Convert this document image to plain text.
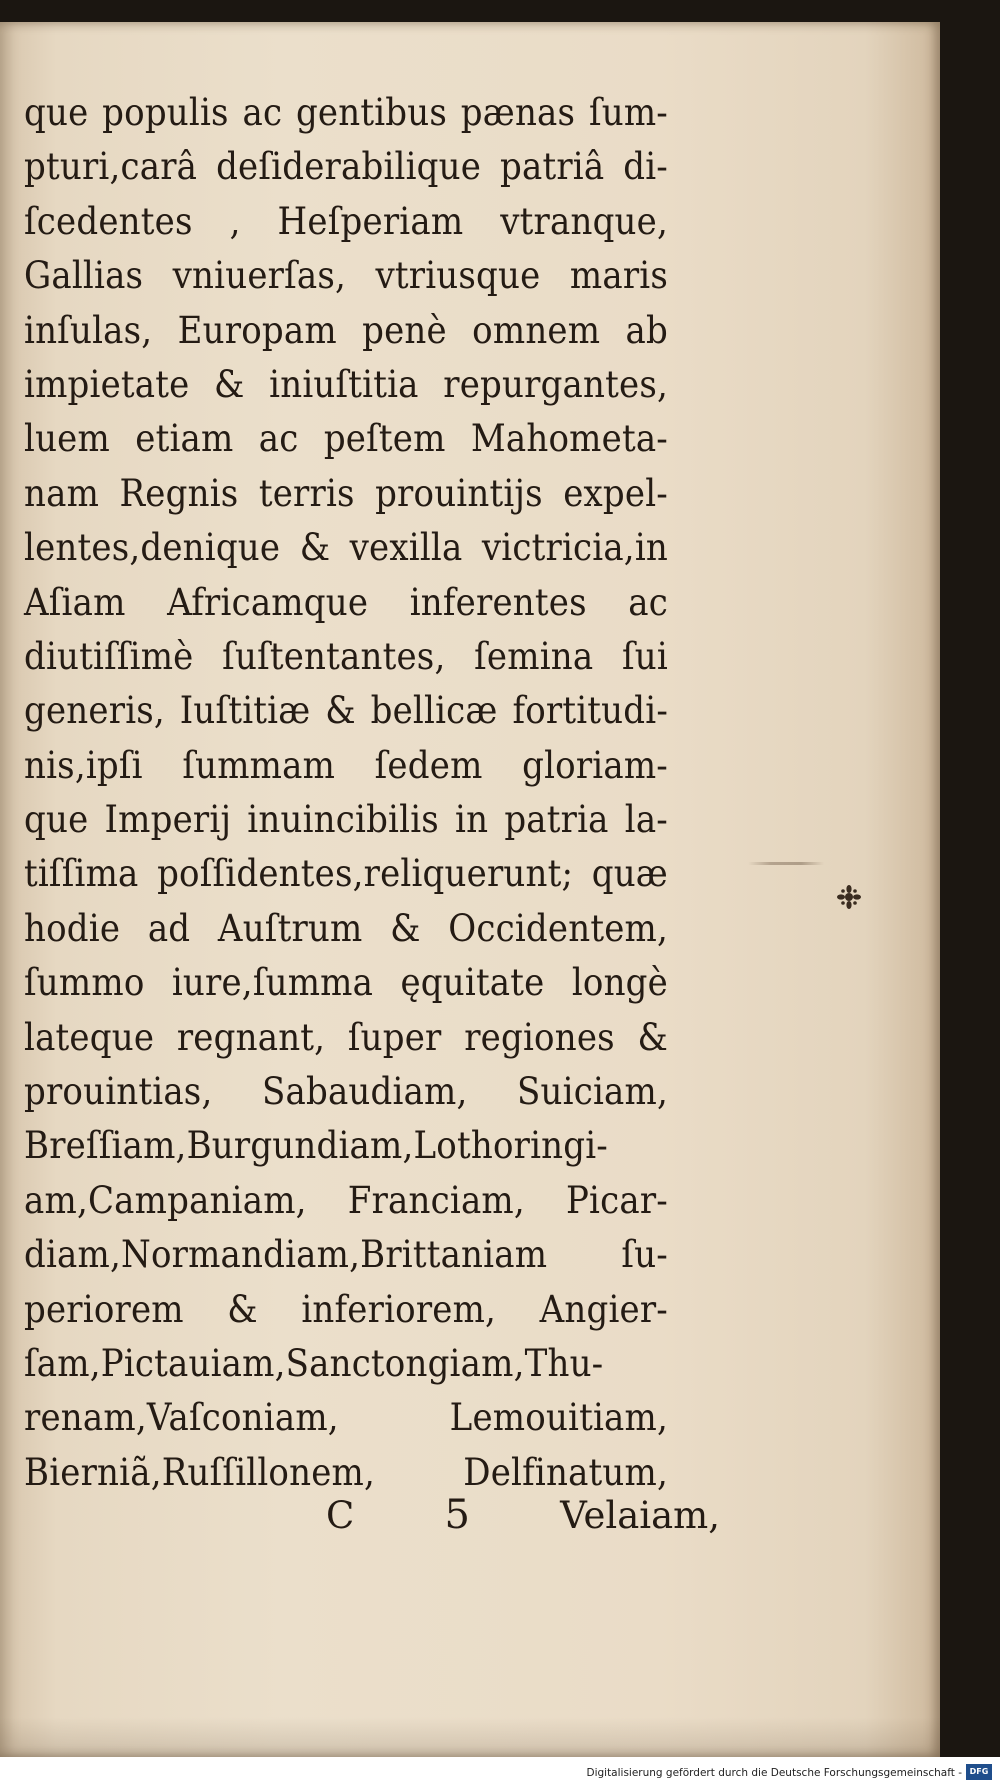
que populis ac gentibus pænas ſum-
pturi,carâ deſiderabilique patriâ di-
ſcedentes , Heſperiam vtranque,
Gallias vniuerſas, vtriusque maris
inſulas, Europam penè omnem ab
impietate & iniuſtitia repurgantes,
luem etiam ac peſtem Mahometa-
nam Regnis terris prouintijs expel-
lentes,denique & vexilla victricia,in
Aſiam Africamque inferentes ac
diutiſſimè ſuſtentantes, ſemina ſui
generis, Iuſtitiæ & bellicæ fortitudi-
nis,ipſi ſummam ſedem gloriam-
que Imperij inuincibilis in patria la-
tiſſima poſſidentes,reliquerunt; quæ
hodie ad Auſtrum & Occidentem,
ſummo iure,ſumma ęquitate longè
lateque regnant, ſuper regiones &
prouintias, Sabaudiam, Suiciam,
Breſſiam,Burgundiam,Lothoringi-
am,Campaniam, Franciam, Picar-
diam,Normandiam,Brittaniam ſu-
periorem & inferiorem, Angier-
ſam,Pictauiam,Sanctongiam,Thu-
renam,Vaſconiam, Lemouitiam,
Bierniã,Ruſſillonem, Delfinatum,
C 5 Velaiam,
Digitalisierung gefördert durch die Deutsche Forschungsgemeinschaft - DFG
